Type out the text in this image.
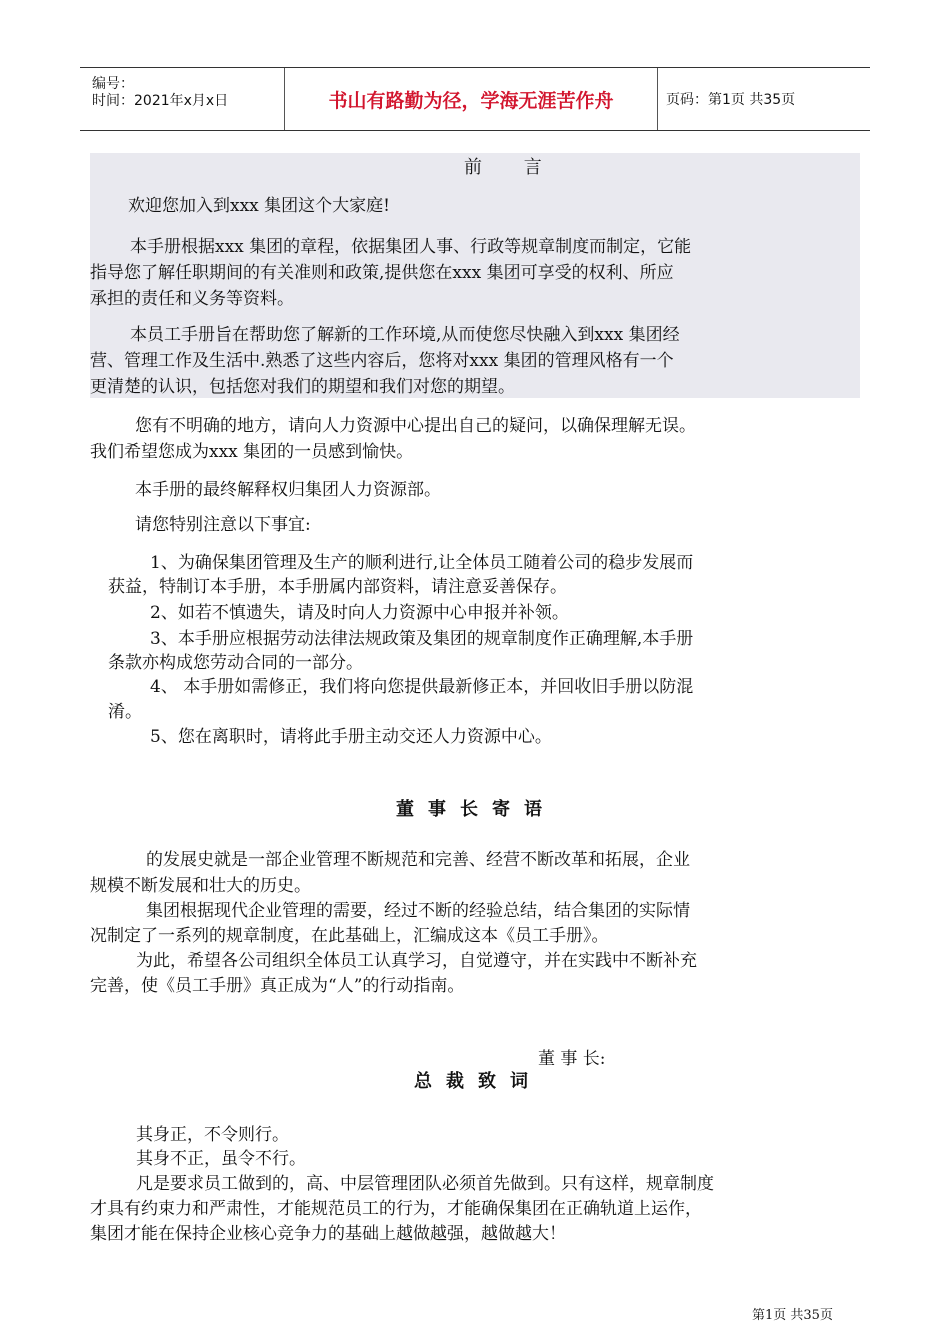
编号：
时间：2021年x月x日	书山有路勤为径，学海无涯苦作舟	页码：第1页 共35页
前 言
欢迎您加入到xxx 集团这个大家庭!
本手册根据xxx 集团的章程，依据集团人事、行政等规章制度而制定，它能
指导您了解任职期间的有关准则和政策,提供您在xxx 集团可享受的权利、所应
承担的责任和义务等资料。
本员工手册旨在帮助您了解新的工作环境,从而使您尽快融入到xxx 集团经
营、管理工作及生活中.熟悉了这些内容后，您将对xxx 集团的管理风格有一个
更清楚的认识，包括您对我们的期望和我们对您的期望。
您有不明确的地方，请向人力资源中心提出自己的疑问，以确保理解无误。
我们希望您成为xxx 集团的一员感到愉快。
本手册的最终解释权归集团人力资源部。
请您特别注意以下事宜:
1、为确保集团管理及生产的顺利进行,让全体员工随着公司的稳步发展而
获益，特制订本手册，本手册属内部资料，请注意妥善保存。
2、如若不慎遗失，请及时向人力资源中心申报并补领。
3、本手册应根据劳动法律法规政策及集团的规章制度作正确理解,本手册
条款亦构成您劳动合同的一部分。
4、 本手册如需修正，我们将向您提供最新修正本，并回收旧手册以防混
淆。
5、您在离职时，请将此手册主动交还人力资源中心。
董事长寄语
的发展史就是一部企业管理不断规范和完善、经营不断改革和拓展，企业
规模不断发展和壮大的历史。
集团根据现代企业管理的需要，经过不断的经验总结，结合集团的实际情
况制定了一系列的规章制度，在此基础上，汇编成这本《员工手册》。
为此，希望各公司组织全体员工认真学习，自觉遵守，并在实践中不断补充
完善，使《员工手册》真正成为“人”的行动指南。
董 事 长:
总裁致词
其身正，不令则行。
其身不正，虽令不行。
凡是要求员工做到的，高、中层管理团队必须首先做到。只有这样，规章制度
才具有约束力和严肃性，才能规范员工的行为，才能确保集团在正确轨道上运作，
集团才能在保持企业核心竞争力的基础上越做越强，越做越大！
第1页 共35页
